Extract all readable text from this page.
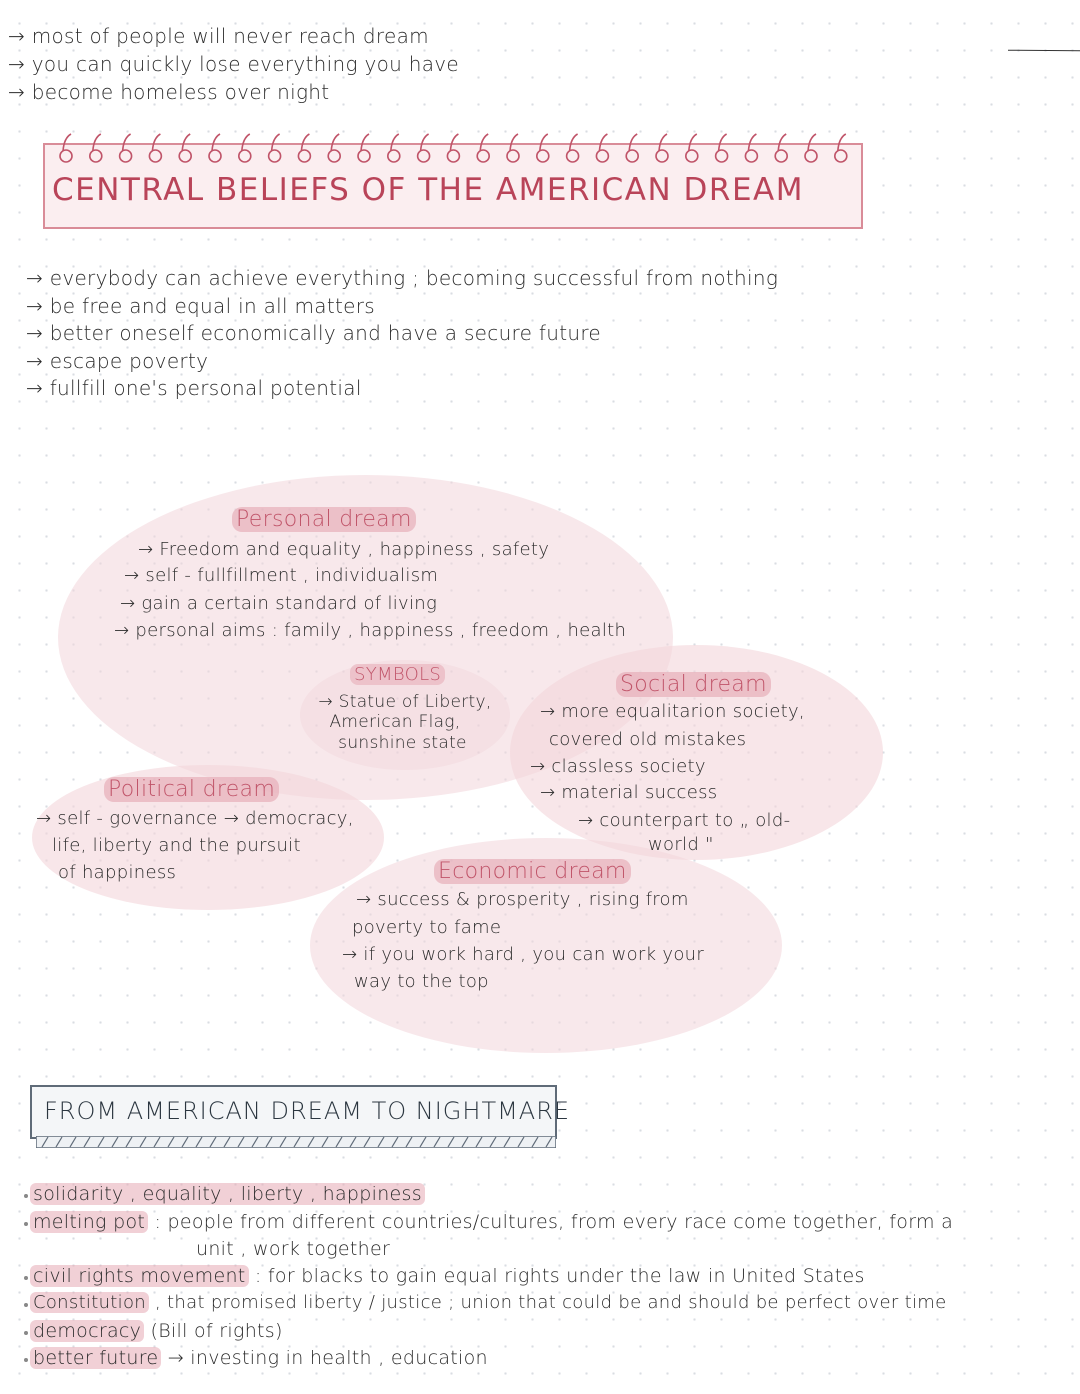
→ most of people will never reach dream
→ you can quickly lose everything you have
→ become homeless over night
CENTRAL BELIEFS OF THE AMERICAN DREAM
→ everybody can achieve everything ; becoming successful from nothing
→ be free and equal in all matters
→ better oneself economically and have a secure future
→ escape poverty
→ fullfill one's personal potential
Personal dream
→ Freedom and equality , happiness , safety
→ self - fullfillment , individualism
→ gain a certain standard of living
→ personal aims : family , happiness , freedom , health
SYMBOLS
→ Statue of Liberty,
American Flag,
sunshine state
Social dream
→ more equalitarion society,
covered old mistakes
→ classless society
→ material success
→ counterpart to „ old-
world "
Political dream
→ self - governance → democracy,
life, liberty and the pursuit
of happiness	Economic dream
→ success & prosperity , rising from
poverty to fame
→ if you work hard , you can work your
way to the top
FROM AMERICAN DREAM TO NIGHTMARE
solidarity , equality , liberty , happiness
melting pot : people from different countries/cultures, from every race come together, form a
unit , work together
civil rights movement : for blacks to gain equal rights under the law in United States
Constitution , that promised liberty / justice ; union that could be and should be perfect over time
democracy (Bill of rights)
better future → investing in health , education
